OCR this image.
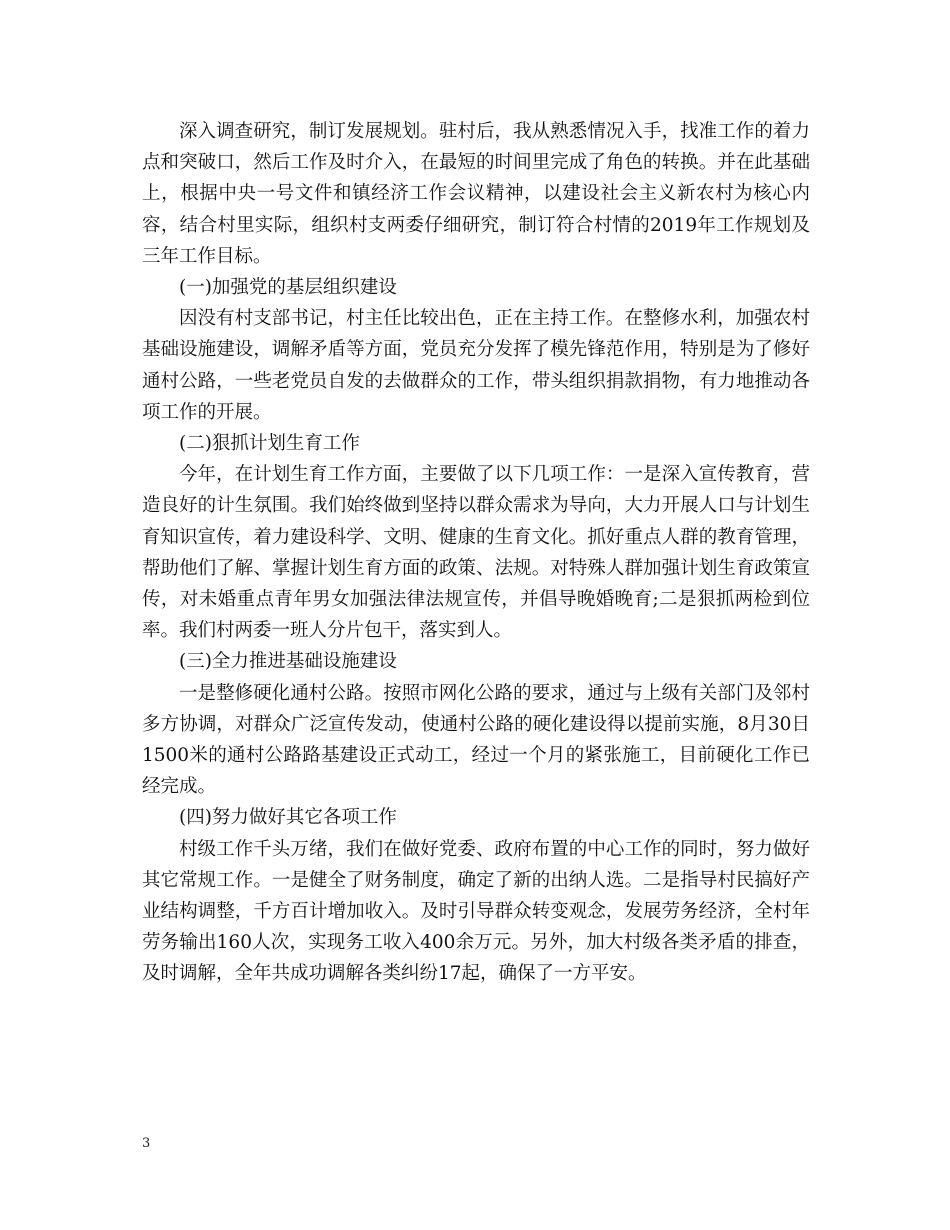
深入调查研究，制订发展规划。驻村后，我从熟悉情况入手，找准工作的着力点和突破口，然后工作及时介入，在最短的时间里完成了角色的转换。并在此基础上，根据中央一号文件和镇经济工作会议精神，以建设社会主义新农村为核心内容，结合村里实际，组织村支两委仔细研究，制订符合村情的2019年工作规划及三年工作目标。

(一)加强党的基层组织建设

因没有村支部书记，村主任比较出色，正在主持工作。在整修水利，加强农村基础设施建设，调解矛盾等方面，党员充分发挥了模先锋范作用，特别是为了修好通村公路，一些老党员自发的去做群众的工作，带头组织捐款捐物，有力地推动各项工作的开展。

(二)狠抓计划生育工作

今年，在计划生育工作方面，主要做了以下几项工作：一是深入宣传教育，营造良好的计生氛围。我们始终做到坚持以群众需求为导向，大力开展人口与计划生育知识宣传，着力建设科学、文明、健康的生育文化。抓好重点人群的教育管理，帮助他们了解、掌握计划生育方面的政策、法规。对特殊人群加强计划生育政策宣传，对未婚重点青年男女加强法律法规宣传，并倡导晚婚晚育;二是狠抓两检到位率。我们村两委一班人分片包干，落实到人。

(三)全力推进基础设施建设

一是整修硬化通村公路。按照市网化公路的要求，通过与上级有关部门及邻村多方协调，对群众广泛宣传发动，使通村公路的硬化建设得以提前实施，8月30日1500米的通村公路路基建设正式动工，经过一个月的紧张施工，目前硬化工作已经完成。

(四)努力做好其它各项工作

村级工作千头万绪，我们在做好党委、政府布置的中心工作的同时，努力做好其它常规工作。一是健全了财务制度，确定了新的出纳人选。二是指导村民搞好产业结构调整，千方百计增加收入。及时引导群众转变观念，发展劳务经济，全村年劳务输出160人次，实现务工收入400余万元。另外，加大村级各类矛盾的排查，及时调解，全年共成功调解各类纠纷17起，确保了一方平安。

3
